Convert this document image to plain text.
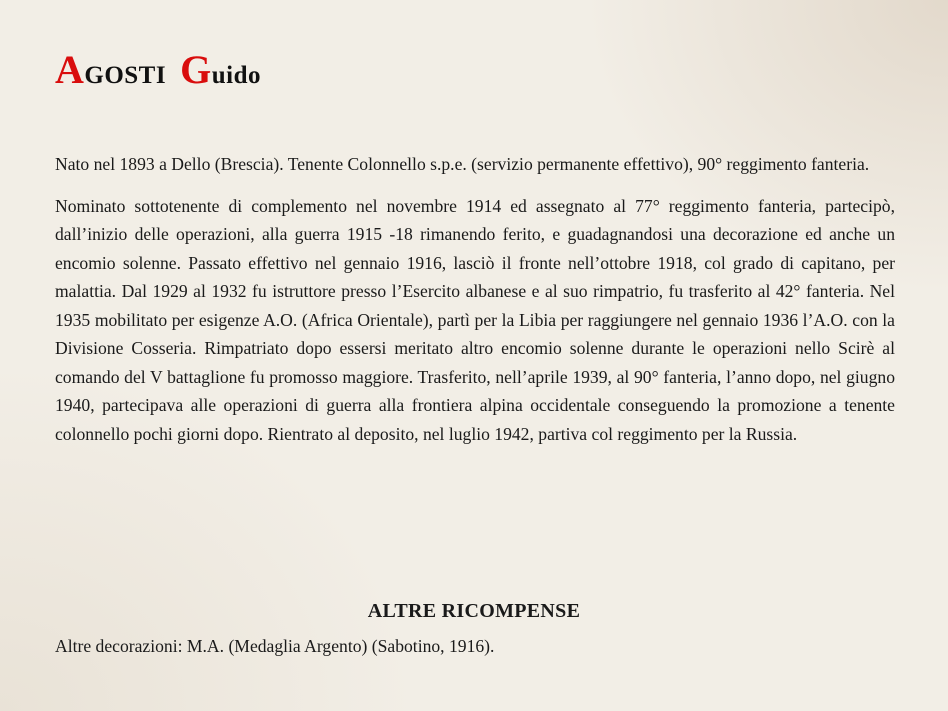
AGOSTI Guido

Nato nel 1893 a Dello (Brescia). Tenente Colonnello s.p.e. (servizio permanente effettivo), 90° reggimento fanteria.

Nominato sottotenente di complemento nel novembre 1914 ed assegnato al 77° reggimento fanteria, partecipò, dall’inizio delle operazioni, alla guerra 1915 -18 rimanendo ferito, e guadagnandosi una decorazione ed anche un encomio solenne. Passato effettivo nel gennaio 1916, lasciò il fronte nell’ottobre 1918, col grado di capitano, per malattia. Dal 1929 al 1932 fu istruttore presso l’Esercito albanese e al suo rimpatrio, fu trasferito al 42° fanteria. Nel 1935 mobilitato per esigenze A.O. (Africa Orientale), partì per la Libia per raggiungere nel gennaio 1936 l’A.O. con la Divisione Cosseria. Rimpatriato dopo essersi meritato altro encomio solenne durante le operazioni nello Scirè al comando del V battaglione fu promosso maggiore. Trasferito, nell’aprile 1939, al 90° fanteria, l’anno dopo, nel giugno 1940, partecipava alle operazioni di guerra alla frontiera alpina occidentale conseguendo la promozione a tenente colonnello pochi giorni dopo. Rientrato al deposito, nel luglio 1942, partiva col reggimento per la Russia.

ALTRE RICOMPENSE

Altre decorazioni: M.A. (Medaglia Argento) (Sabotino, 1916).
